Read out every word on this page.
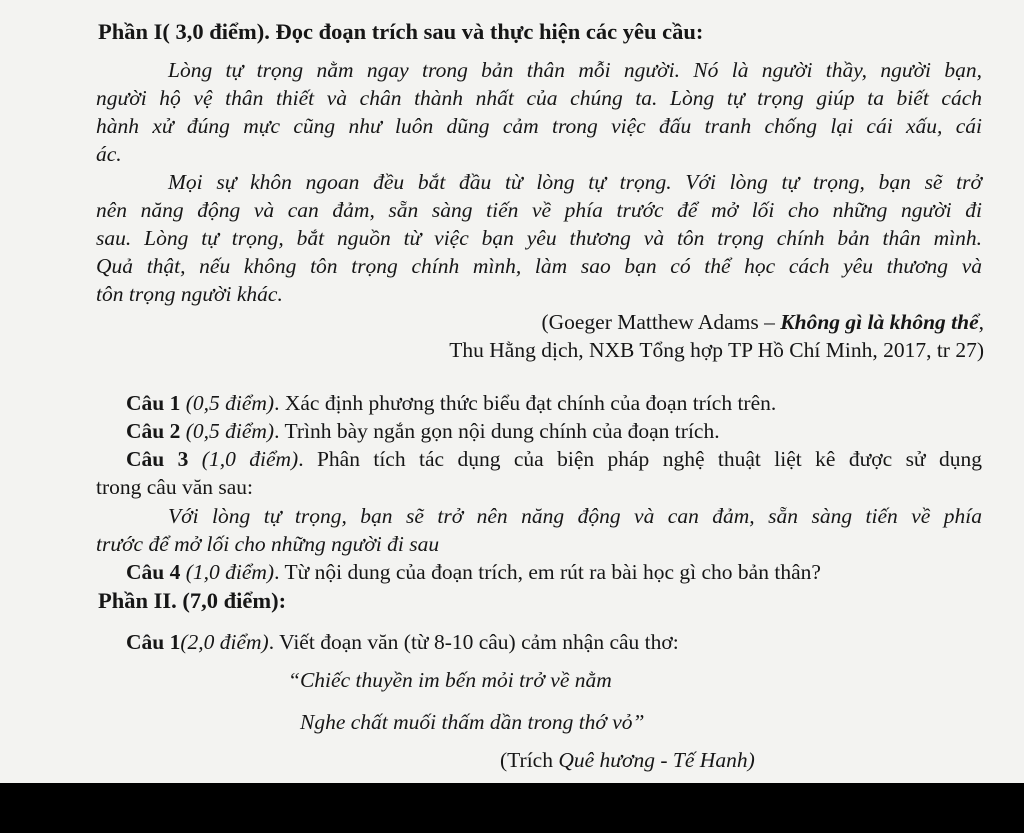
Phần I( 3,0 điểm). Đọc đoạn trích sau và thực hiện các yêu cầu:
Lòng tự trọng nằm ngay trong bản thân mỗi người. Nó là người thầy, người bạn,
người hộ vệ thân thiết và chân thành nhất của chúng ta. Lòng tự trọng giúp ta biết cách
hành xử đúng mực cũng như luôn dũng cảm trong việc đấu tranh chống lại cái xấu, cái
ác.
Mọi sự khôn ngoan đều bắt đầu từ lòng tự trọng. Với lòng tự trọng, bạn sẽ trở
nên năng động và can đảm, sẵn sàng tiến về phía trước để mở lối cho những người đi
sau. Lòng tự trọng, bắt nguồn từ việc bạn yêu thương và tôn trọng chính bản thân mình.
Quả thật, nếu không tôn trọng chính mình, làm sao bạn có thể học cách yêu thương và
tôn trọng người khác.
(Goeger Matthew Adams – Không gì là không thể,
Thu Hằng dịch, NXB Tổng hợp TP Hồ Chí Minh, 2017, tr 27)
Câu 1 (0,5 điểm). Xác định phương thức biểu đạt chính của đoạn trích trên.
Câu 2 (0,5 điểm). Trình bày ngắn gọn nội dung chính của đoạn trích.
Câu 3 (1,0 điểm). Phân tích tác dụng của biện pháp nghệ thuật liệt kê được sử dụng
trong câu văn sau:
Với lòng tự trọng, bạn sẽ trở nên năng động và can đảm, sẵn sàng tiến về phía
trước để mở lối cho những người đi sau
Câu 4 (1,0 điểm). Từ nội dung của đoạn trích, em rút ra bài học gì cho bản thân?
Phần II. (7,0 điểm):
Câu 1(2,0 điểm). Viết đoạn văn (từ 8-10 câu) cảm nhận câu thơ:
“Chiếc thuyền im bến mỏi trở về nằm
Nghe chất muối thấm dần trong thớ vỏ”
(Trích Quê hương - Tế Hanh)
